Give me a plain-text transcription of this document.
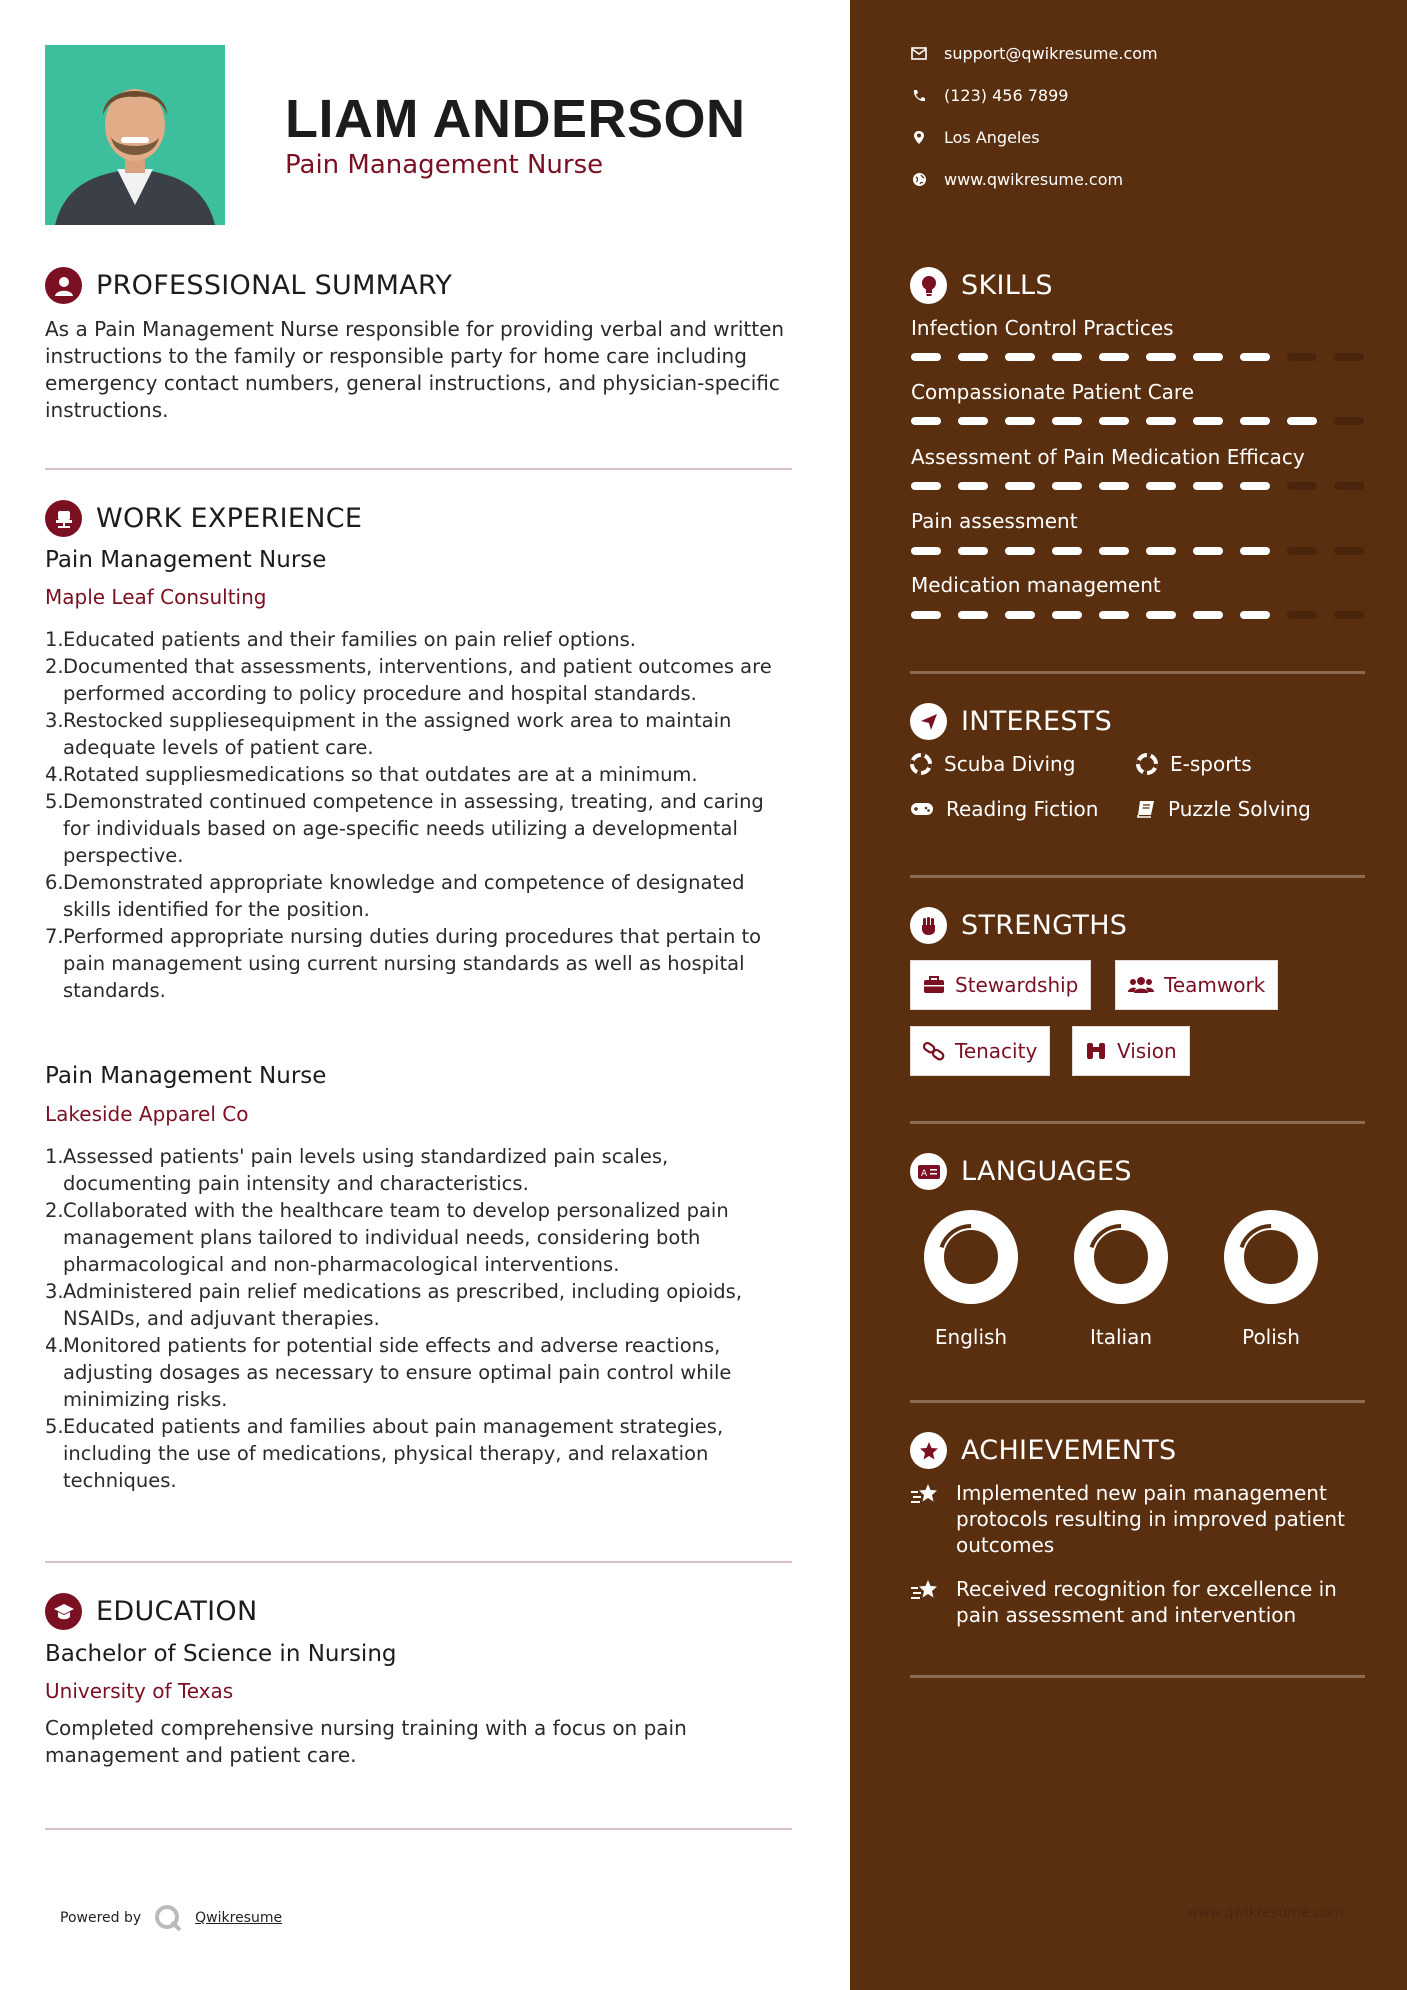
LIAM ANDERSON
Pain Management Nurse
PROFESSIONAL SUMMARY
As a Pain Management Nurse responsible for providing verbal and written instructions to the family or responsible party for home care including emergency contact numbers, general instructions, and physician-specific instructions.
WORK EXPERIENCE
Pain Management Nurse
Maple Leaf Consulting
1. Educated patients and their families on pain relief options.
2. Documented that assessments, interventions, and patient outcomes are performed according to policy procedure and hospital standards.
3. Restocked suppliesequipment in the assigned work area to maintain adequate levels of patient care.
4. Rotated suppliesmedications so that outdates are at a minimum.
5. Demonstrated continued competence in assessing, treating, and caring for individuals based on age-specific needs utilizing a developmental perspective.
6. Demonstrated appropriate knowledge and competence of designated skills identified for the position.
7. Performed appropriate nursing duties during procedures that pertain to pain management using current nursing standards as well as hospital standards.
Pain Management Nurse
Lakeside Apparel Co
1. Assessed patients' pain levels using standardized pain scales, documenting pain intensity and characteristics.
2. Collaborated with the healthcare team to develop personalized pain management plans tailored to individual needs, considering both pharmacological and non-pharmacological interventions.
3. Administered pain relief medications as prescribed, including opioids, NSAIDs, and adjuvant therapies.
4. Monitored patients for potential side effects and adverse reactions, adjusting dosages as necessary to ensure optimal pain control while minimizing risks.
5. Educated patients and families about pain management strategies, including the use of medications, physical therapy, and relaxation techniques.
EDUCATION
Bachelor of Science in Nursing
University of Texas
Completed comprehensive nursing training with a focus on pain management and patient care.
Powered by	Qwikresume
support@qwikresume.com
(123) 456 7899
Los Angeles
www.qwikresume.com
SKILLS
Infection Control Practices
Compassionate Patient Care
Assessment of Pain Medication Efficacy
Pain assessment
Medication management
INTERESTS
Scuba Diving	E-sports
Reading Fiction	Puzzle Solving
STRENGTHS
Stewardship	Teamwork
Tenacity	Vision
A LANGUAGES
English	Italian	Polish
ACHIEVEMENTS
Implemented new pain management protocols resulting in improved patient outcomes
Received recognition for excellence in pain assessment and intervention
www.qwikresume.com
